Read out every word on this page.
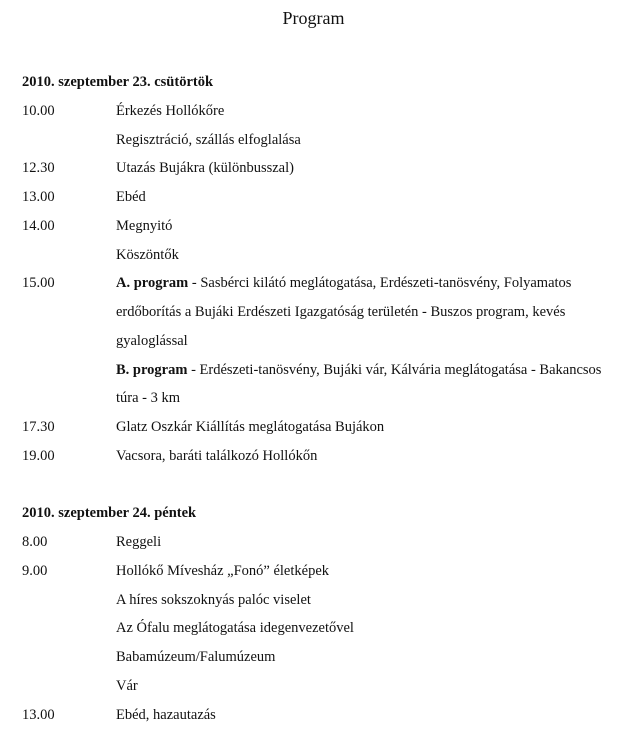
Program
2010. szeptember 23. csütörtök
10.00	Érkezés Hollókőre
Regisztráció, szállás elfoglalása
12.30	Utazás Bujákra (különbusszal)
13.00	Ebéd
14.00	Megnyitó
Köszöntők
15.00	A. program - Sasbérci kilátó meglátogatása, Erdészeti-tanösvény, Folyamatos
erdőborítás a Bujáki Erdészeti Igazgatóság területén - Buszos program, kevés
gyaloglással
B. program - Erdészeti-tanösvény, Bujáki vár, Kálvária meglátogatása - Bakancsos
túra - 3 km
17.30	Glatz Oszkár Kiállítás meglátogatása Bujákon
19.00	Vacsora, baráti találkozó Hollókőn
2010. szeptember 24. péntek
8.00	Reggeli
9.00	Hollókő Mívesház „Fonó” életképek
A híres sokszoknyás palóc viselet
Az Ófalu meglátogatása idegenvezetővel
Babamúzeum/Falumúzeum
Vár
13.00	Ebéd, hazautazás
